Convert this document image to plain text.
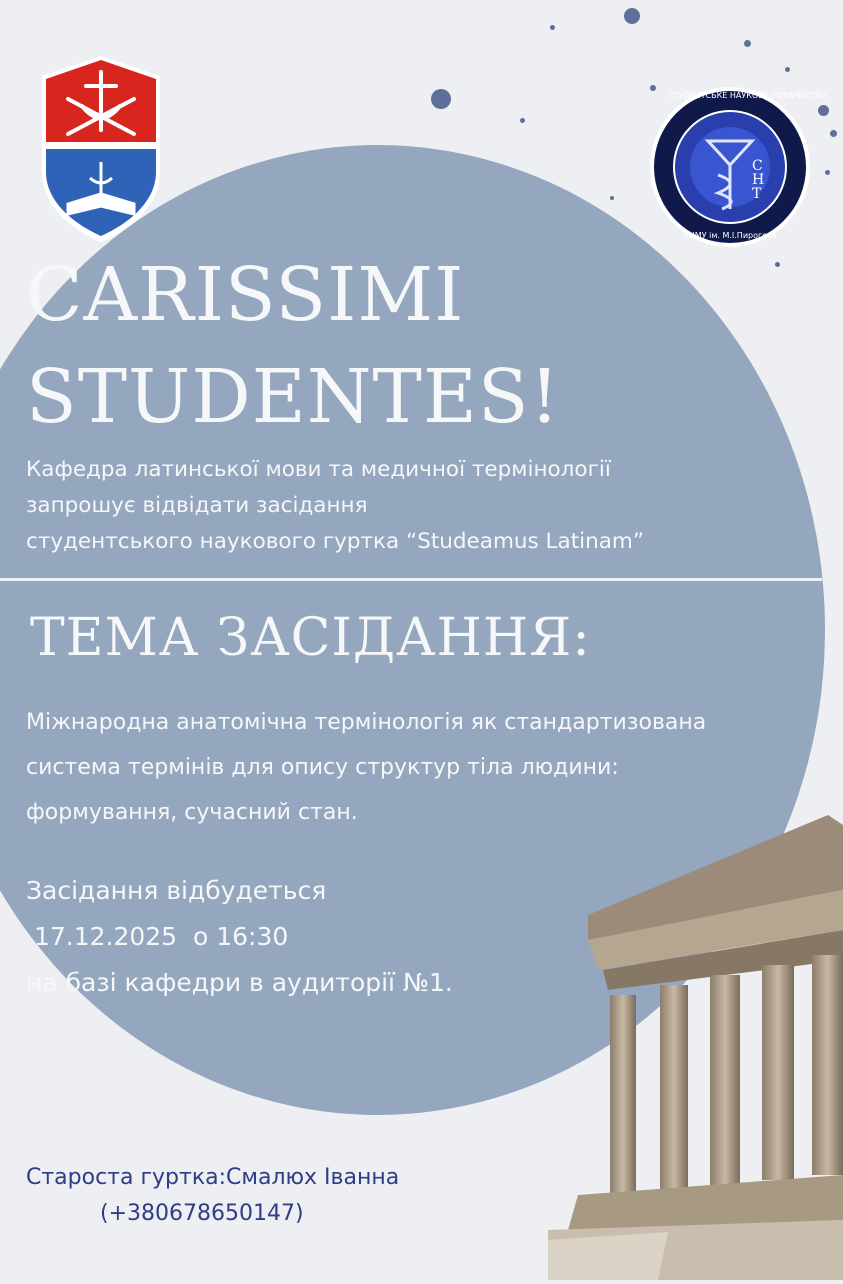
С
Н
Т
СТУДЕНТСЬКЕ НАУКОВЕ ТОВАРИСТВО
ВНМУ ім. М.І.Пирогова
CARISSIMI
STUDENTES!
Кафедра латинської мови та медичної термінології
запрошує відвідати засідання
студентського наукового гуртка “Studeamus Latinam”
ТЕМА ЗАСІДАННЯ:
Міжнародна анатомічна термінологія як стандартизована
система термінів для опису структур тіла людини:
формування, сучасний стан.
Засідання відбудеться
17.12.2025  о 16:30
на базі кафедри в аудиторії №1.
Староста гуртка:Смалюх Іванна
(+380678650147)
